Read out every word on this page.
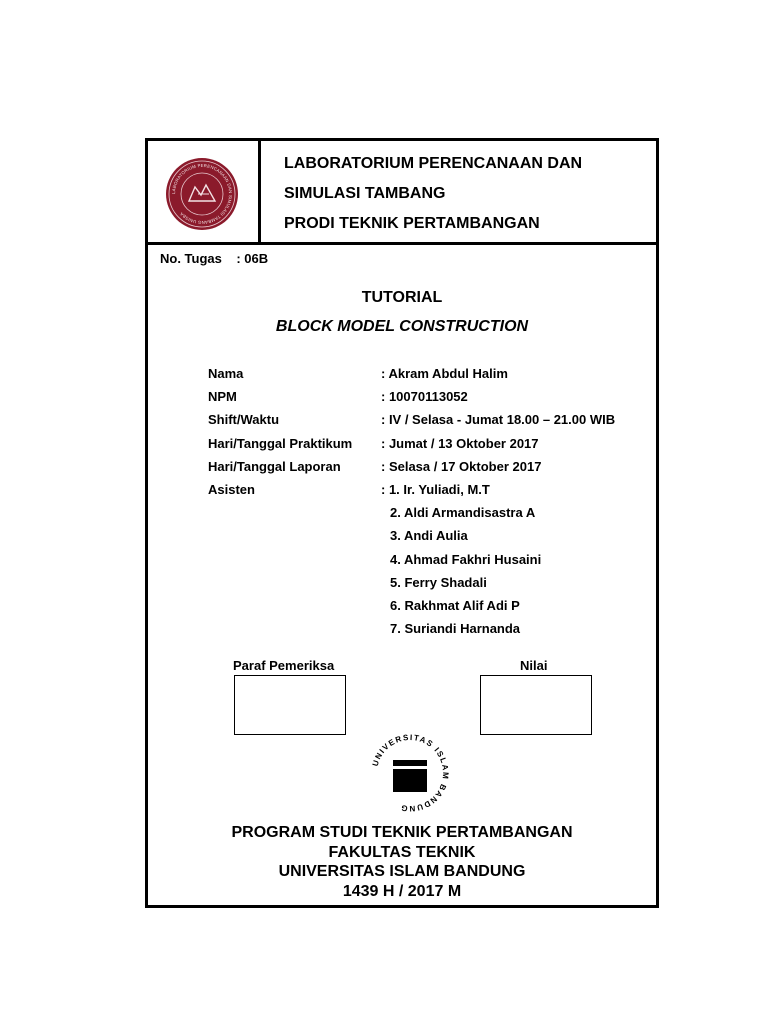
LABORATORIUM PERENCANAAN DAN SIMULASI TAMBANG UNISBA
LABORATORIUM PERENCANAAN DAN
SIMULASI TAMBANG
PRODI TEKNIK PERTAMBANGAN
No. Tugas : 06B
TUTORIAL
BLOCK MODEL CONSTRUCTION
Nama	: Akram Abdul Halim
NPM	: 10070113052
Shift/Waktu	: IV / Selasa - Jumat 18.00 – 21.00 WIB
Hari/Tanggal Praktikum : Jumat / 13 Oktober 2017
Hari/Tanggal Laporan	: Selasa / 17 Oktober 2017
Asisten	: 1. Ir. Yuliadi, M.T
2. Aldi Armandisastra A
3. Andi Aulia
4. Ahmad Fakhri Husaini
5. Ferry Shadali
6. Rakhmat Alif Adi P
7. Suriandi Harnanda
Paraf Pemeriksa	Nilai
UNIVERSITAS ISLAM BANDUNG
PROGRAM STUDI TEKNIK PERTAMBANGAN
FAKULTAS TEKNIK
UNIVERSITAS ISLAM BANDUNG
1439 H / 2017 M
